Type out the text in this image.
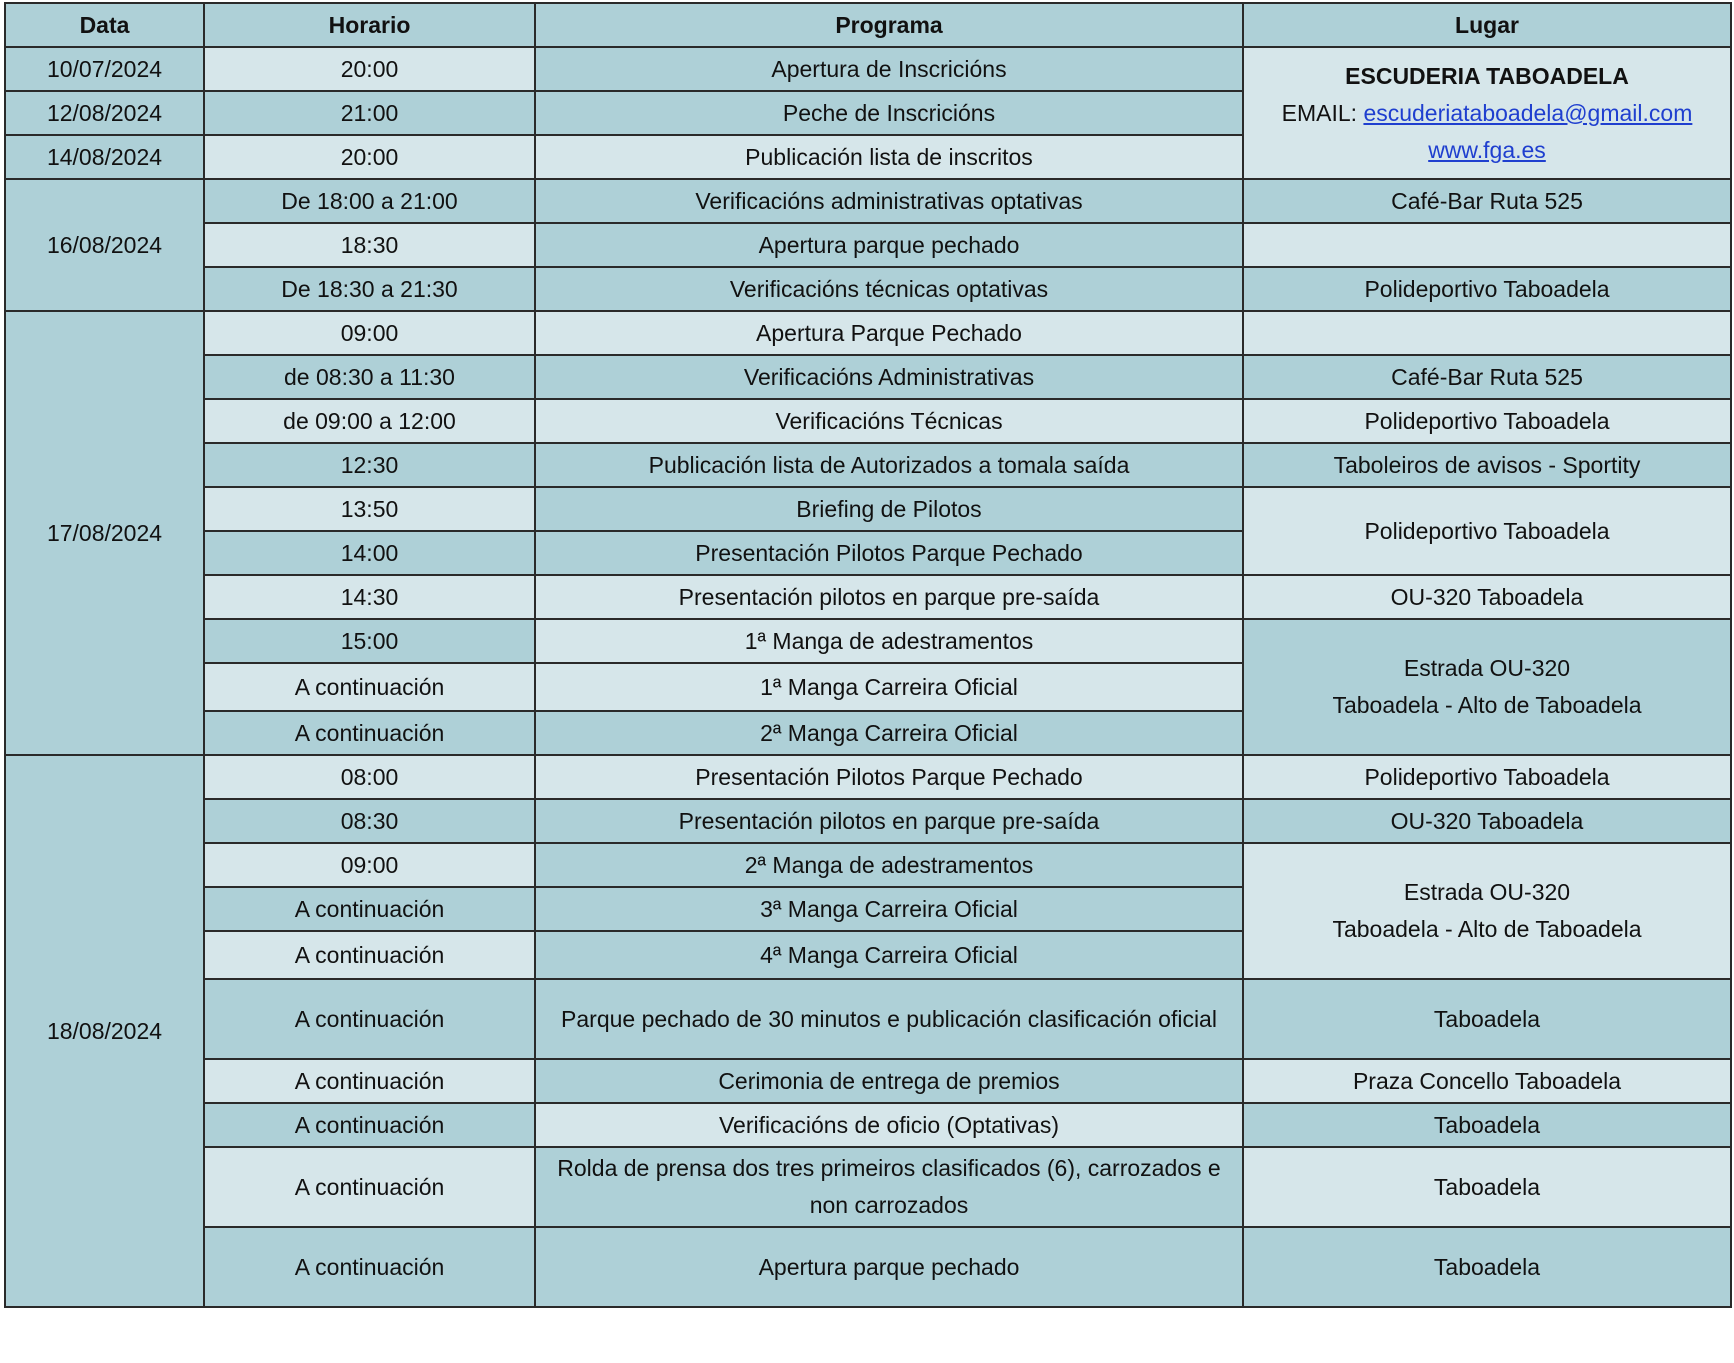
Data	Horario	Programa	Lugar
10/07/2024	20:00	Apertura de Inscricións	ESCUDERIA TABOADELA
EMAIL: escuderiataboadela@gmail.com
www.fga.es

12/08/2024	21:00	Peche de Inscricións	
14/08/2024	20:00	Publicación lista de inscritos	
16/08/2024	De 18:00 a 21:00	Verificacións administrativas optativas	Café-Bar Ruta 525
	18:30	Apertura parque pechado	
	De 18:30 a 21:30	Verificacións técnicas optativas	Polideportivo Taboadela
17/08/2024	09:00	Apertura Parque Pechado	
	de 08:30 a 11:30	Verificacións Administrativas	Café-Bar Ruta 525
	de 09:00 a 12:00	Verificacións Técnicas	Polideportivo Taboadela
	12:30	Publicación lista de Autorizados a tomala saída	Taboleiros de avisos - Sportity
	13:50	Briefing de Pilotos	Polideportivo Taboadela
	14:00	Presentación Pilotos Parque Pechado	
	14:30	Presentación pilotos en parque pre-saída	OU-320 Taboadela
	15:00	1ª Manga de adestramentos	Estrada OU-320
Taboadela - Alto de Taboadela

	A continuación	1ª Manga Carreira Oficial	
	A continuación	2ª Manga Carreira Oficial	
18/08/2024	08:00	Presentación Pilotos Parque Pechado	Polideportivo Taboadela
	08:30	Presentación pilotos en parque pre-saída	OU-320 Taboadela
	09:00	2ª Manga de adestramentos	Estrada OU-320
Taboadela - Alto de Taboadela

	A continuación	3ª Manga Carreira Oficial	
	A continuación	4ª Manga Carreira Oficial	
	A continuación	Parque pechado de 30 minutos e publicación clasificación oficial	Taboadela
	A continuación	Cerimonia de entrega de premios	Praza Concello Taboadela
	A continuación	Verificacións de oficio (Optativas)	Taboadela
	A continuación	Rolda de prensa dos tres primeiros clasificados (6), carrozados e non carrozados	Taboadela
	A continuación	Apertura parque pechado	Taboadela
